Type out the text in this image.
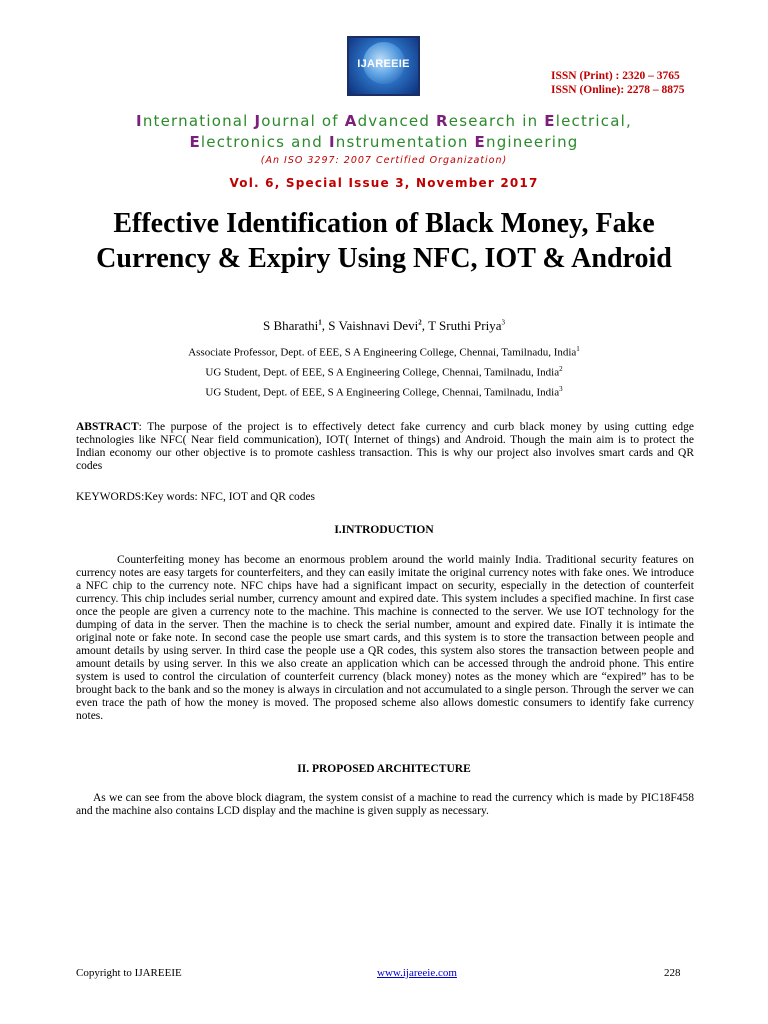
IJAREEIE
ISSN (Print) : 2320 – 3765
ISSN (Online): 2278 – 8875
International Journal of Advanced Research in Electrical,
Electronics and Instrumentation Engineering
(An ISO 3297: 2007 Certified Organization)
Vol. 6, Special Issue 3, November 2017
Effective Identification of Black Money, Fake Currency & Expiry Using NFC, IOT & Android
S Bharathi$^1$, S Vaishnavi Devi$^2$, T Sruthi Priya$^3$
Associate Professor, Dept. of EEE, S A Engineering College, Chennai, Tamilnadu, India$^1$
UG Student, Dept. of EEE, S A Engineering College, Chennai, Tamilnadu, India$^2$
UG Student, Dept. of EEE, S A Engineering College, Chennai, Tamilnadu, India$^3$
ABSTRACT: The purpose of the project is to effectively detect fake currency and curb black money by using cutting edge technologies like NFC( Near field communication), IOT( Internet of things) and Android. Though the main aim is to protect the Indian economy our other objective is to promote cashless transaction. This is why our project also involves smart cards and QR codes
KEYWORDS:Key words: NFC, IOT and QR codes
I.INTRODUCTION
Counterfeiting money has become an enormous problem around the world mainly India. Traditional security features on currency notes are easy targets for counterfeiters, and they can easily imitate the original currency notes with fake ones. We introduce a NFC chip to the currency note. NFC chips have had a significant impact on security, especially in the detection of counterfeit currency. This chip includes serial number, currency amount and expired date. This system includes a specified machine. In first case once the people are given a currency note to the machine. This machine is connected to the server. We use IOT technology for the dumping of data in the server. Then the machine is to check the serial number, amount and expired date. Finally it is intimate the original note or fake note. In second case the people use smart cards, and this system is to store the transaction between people and amount details by using server. In third case the people use a QR codes, this system also stores the transaction between people and amount details by using server. In this we also create an application which can be accessed through the android phone. This entire system is used to control the circulation of counterfeit currency (black money) notes as the money which are “expired” has to be brought back to the bank and so the money is always in circulation and not accumulated to a single person. Through the server we can even trace the path of how the money is moved. The proposed scheme also allows domestic consumers to identify fake currency notes.
II. PROPOSED ARCHITECTURE
As we can see from the above block diagram, the system consist of a machine to read the currency which is made by PIC18F458 and the machine also contains LCD display and the machine is given supply as necessary.
Copyright to IJAREEIE	www.ijareeie.com	228
